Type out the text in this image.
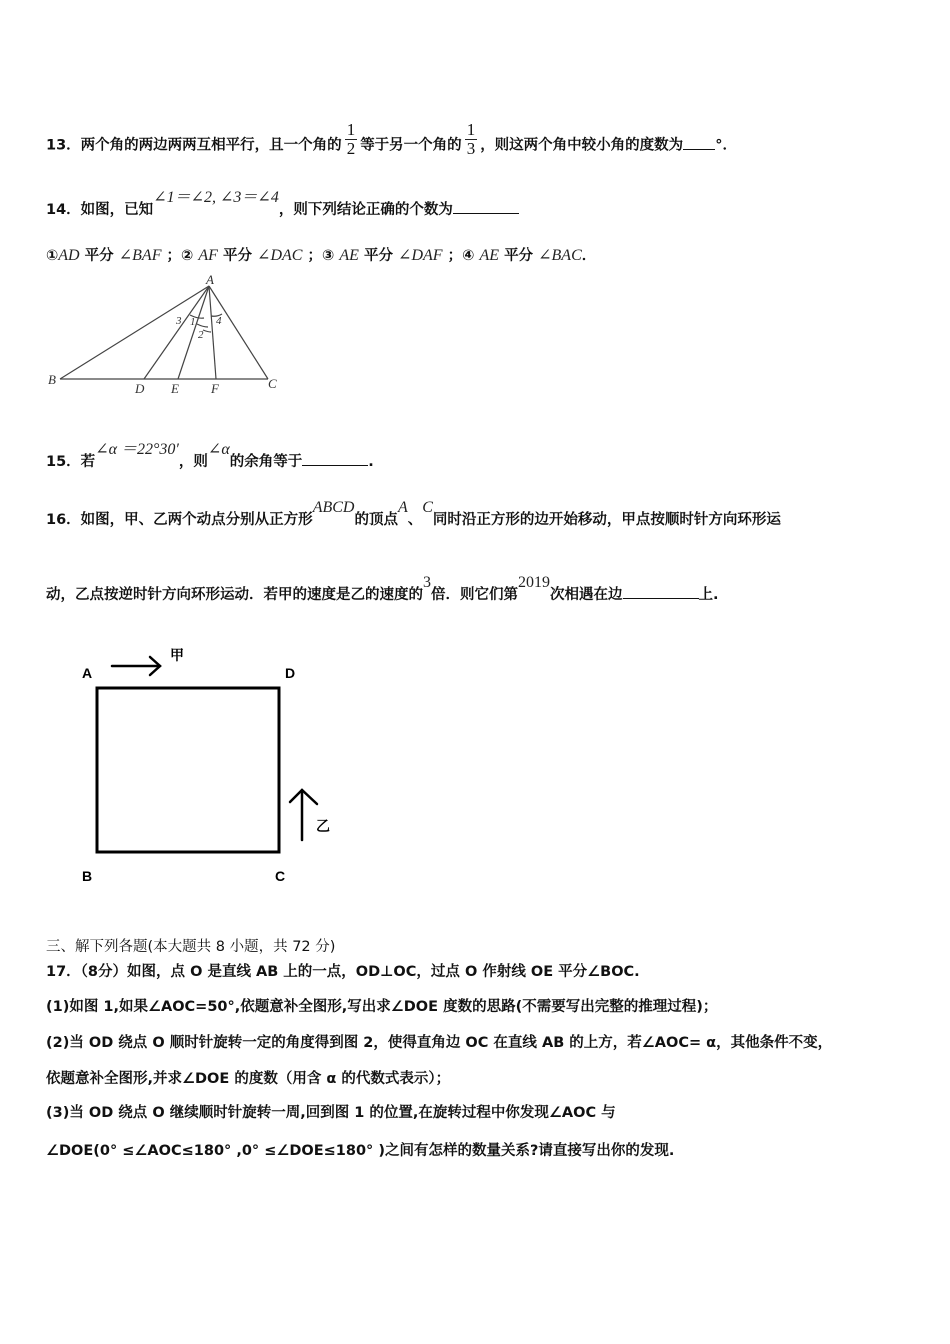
13．两个角的两边两两互相平行，且一个角的 $\frac{1}{2}$ 等于另一个角的 $\frac{1}{3}$ ，则这两个角中较小角的度数为 °．
14．如图，已知∠1＝∠2, ∠3＝∠4，则下列结论正确的个数为
①AD 平分 ∠BAF ；② AF 平分 ∠DAC ；③ AE 平分 ∠DAF ；④ AE 平分 ∠BAC．
A
B	C
D E F
1
2
3	4
15．若∠α ＝22°30′，则∠α的余角等于	.
16．如图，甲、乙两个动点分别从正方形ABCD的顶点A、C同时沿正方形的边开始移动，甲点按顺时针方向环形运
动，乙点按逆时针方向环形运动．若甲的速度是乙的速度的3倍．则它们第2019次相遇在边	上.
A	D
B	C
甲
乙
三、解下列各题(本大题共 8 小题，共 72 分)
17．（8分）如图，点 O 是直线 AB 上的一点，OD⊥OC，过点 O 作射线 OE 平分∠BOC.
(1)如图 1,如果∠AOC=50°,依题意补全图形,写出求∠DOE 度数的思路(不需要写出完整的推理过程)；
(2)当 OD 绕点 O 顺时针旋转一定的角度得到图 2，使得直角边 OC 在直线 AB 的上方，若∠AOC= α，其他条件不变，
依题意补全图形,并求∠DOE 的度数（用含 α 的代数式表示）；
(3)当 OD 绕点 O 继续顺时针旋转一周,回到图 1 的位置,在旋转过程中你发现∠AOC 与
∠DOE(0° ≤∠AOC≤180° ,0° ≤∠DOE≤180° )之间有怎样的数量关系?请直接写出你的发现.
